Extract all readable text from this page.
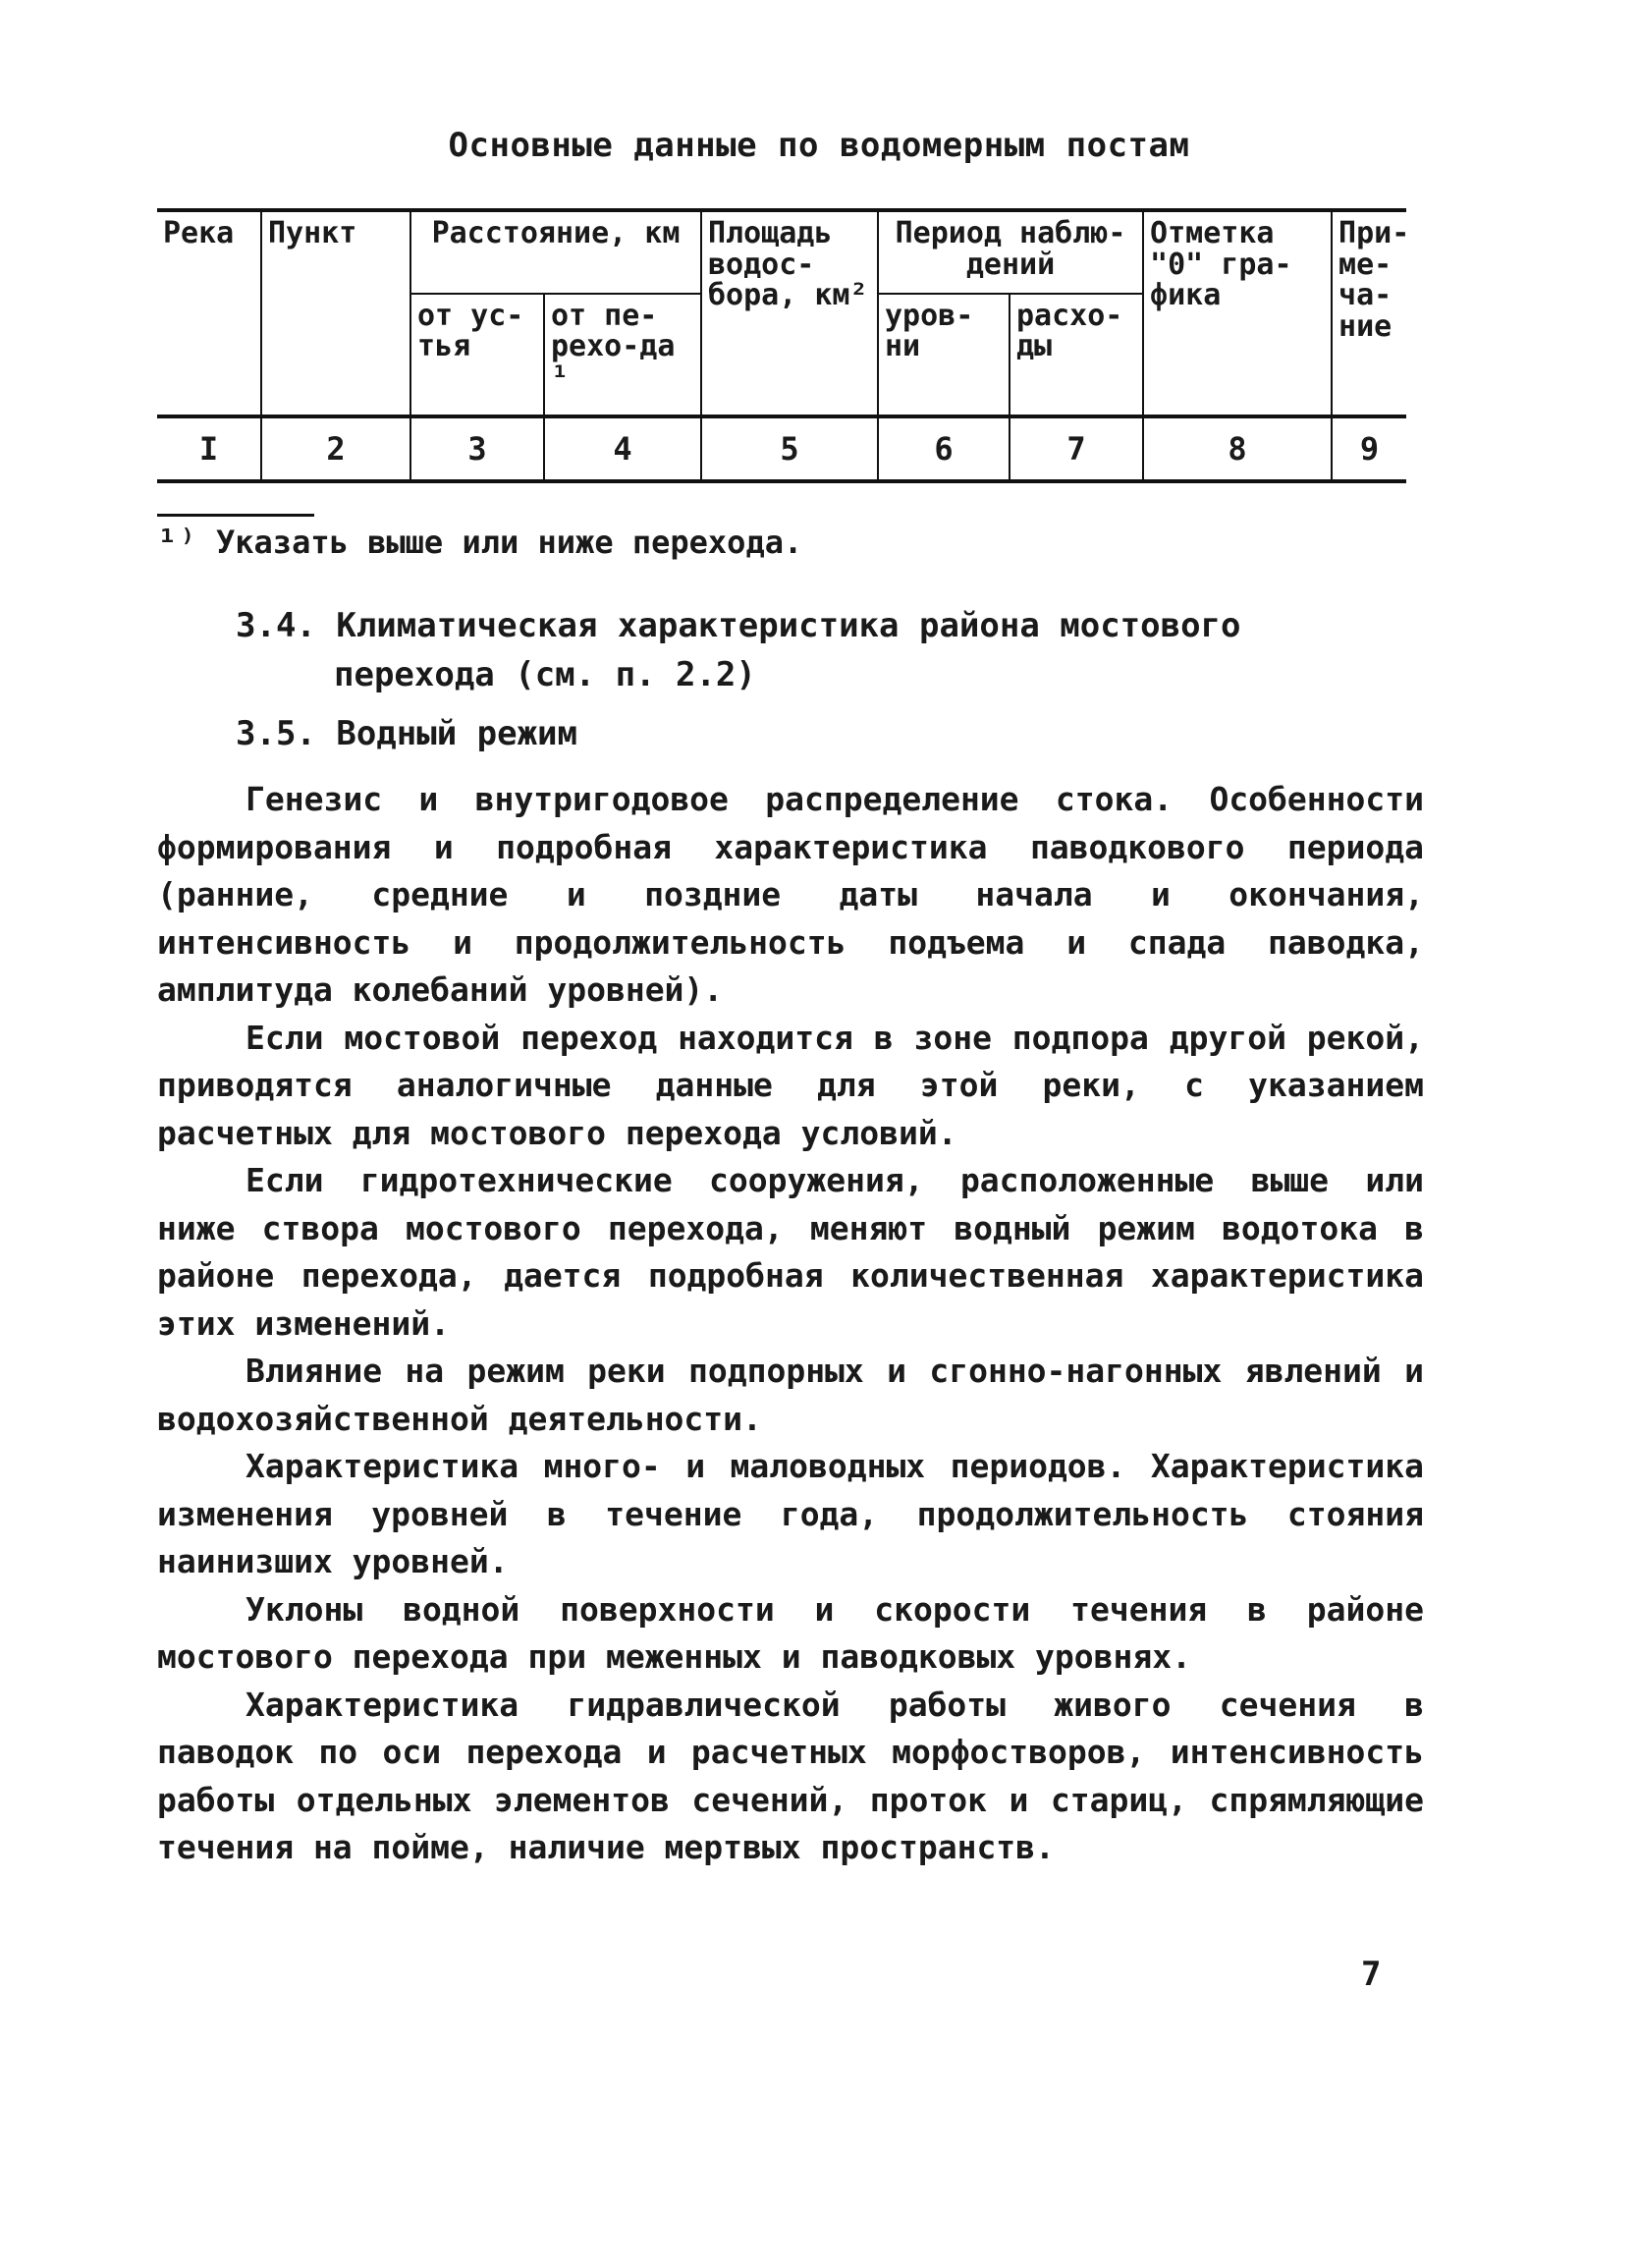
Основные данные по водомерным постам
Река	Пункт	Расстояние, км		Площадь водос-бора, км²	Период наблю-дений		Отметка "0" гра-фика	При-ме-ча-ние
		от ус-тья	от пе-рехо-да ¹		уров-ни	расхо-ды		
I	2	3	4	5	6	7	8	9
¹⁾ Указать выше или ниже перехода.
3.4. Климатическая характеристика района мостового
перехода (см. п. 2.2)
3.5. Водный режим

Генезис и внутригодовое распределение стока. Особенности формирования и подробная характеристика паводкового периода (ранние, средние и поздние даты начала и окончания, интенсивность и продолжительность подъема и спада паводка, амплитуда колебаний уровней).

Если мостовой переход находится в зоне подпора другой рекой, приводятся аналогичные данные для этой реки, с указанием расчетных для мостового перехода условий.

Если гидротехнические сооружения, расположенные выше или ниже створа мостового перехода, меняют водный режим водотока в районе перехода, дается подробная количественная характеристика этих изменений.

Влияние на режим реки подпорных и сгонно-нагонных явлений и водохозяйственной деятельности.

Характеристика много- и маловодных периодов. Характеристика изменения уровней в течение года, продолжительность стояния наинизших уровней.

Уклоны водной поверхности и скорости течения в районе мостового перехода при меженных и паводковых уровнях.

Характеристика гидравлической работы живого сечения в паводок по оси перехода и расчетных морфостворов, интенсивность работы отдельных элементов сечений, проток и стариц, спрямляющие течения на пойме, наличие мертвых пространств.

7
